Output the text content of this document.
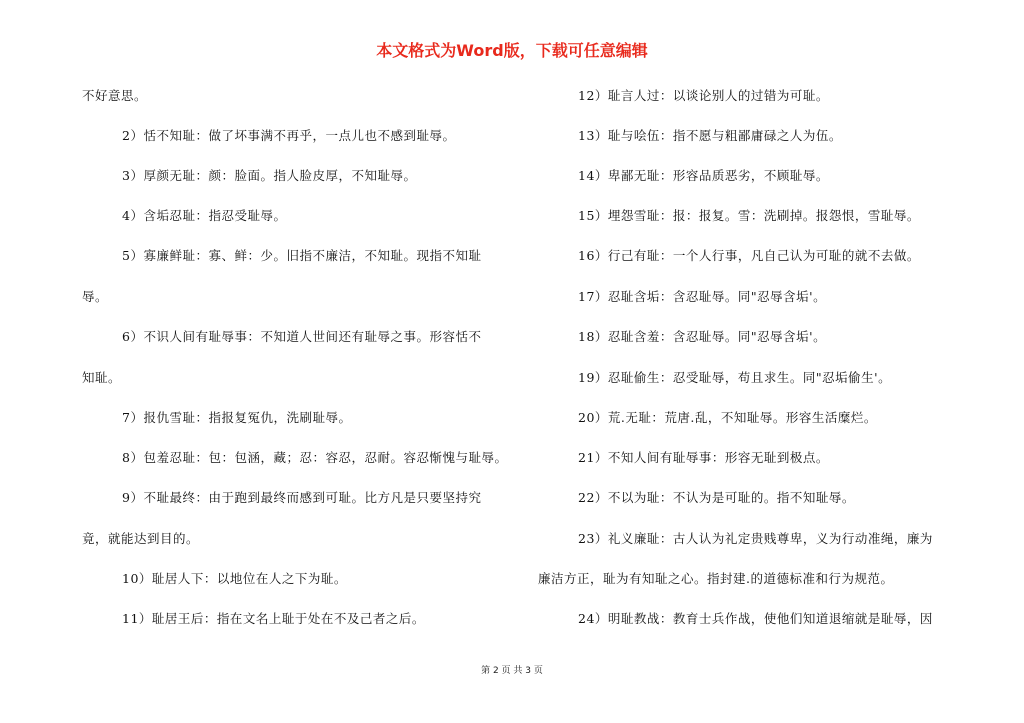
本文格式为Word版，下载可任意编辑
不好意思。
2）恬不知耻：做了坏事满不再乎，一点儿也不感到耻辱。
3）厚颜无耻：颜：脸面。指人脸皮厚，不知耻辱。
4）含垢忍耻：指忍受耻辱。
5）寡廉鲜耻：寡、鲜：少。旧指不廉洁，不知耻。现指不知耻
辱。
6）不识人间有耻辱事：不知道人世间还有耻辱之事。形容恬不
知耻。
7）报仇雪耻：指报复冤仇，洗刷耻辱。
8）包羞忍耻：包：包涵，藏；忍：容忍，忍耐。容忍惭愧与耻辱。
9）不耻最终：由于跑到最终而感到可耻。比方凡是只要坚持究
竟，就能达到目的。
10）耻居人下：以地位在人之下为耻。
11）耻居王后：指在文名上耻于处在不及己者之后。
12）耻言人过：以谈论别人的过错为可耻。
13）耻与哙伍：指不愿与粗鄙庸碌之人为伍。
14）卑鄙无耻：形容品质恶劣，不顾耻辱。
15）埋怨雪耻：报：报复。雪：洗刷掉。报怨恨，雪耻辱。
16）行己有耻：一个人行事，凡自己认为可耻的就不去做。
17）忍耻含垢：含忍耻辱。同"忍辱含垢'。
18）忍耻含羞：含忍耻辱。同"忍辱含垢'。
19）忍耻偷生：忍受耻辱，苟且求生。同"忍垢偷生'。
20）荒.无耻：荒唐.乱，不知耻辱。形容生活糜烂。
21）不知人间有耻辱事：形容无耻到极点。
22）不以为耻：不认为是可耻的。指不知耻辱。
23）礼义廉耻：古人认为礼定贵贱尊卑，义为行动准绳，廉为
廉洁方正，耻为有知耻之心。指封建.的道德标准和行为规范。
24）明耻教战：教育士兵作战，使他们知道退缩就是耻辱，因
第 2 页 共 3 页
